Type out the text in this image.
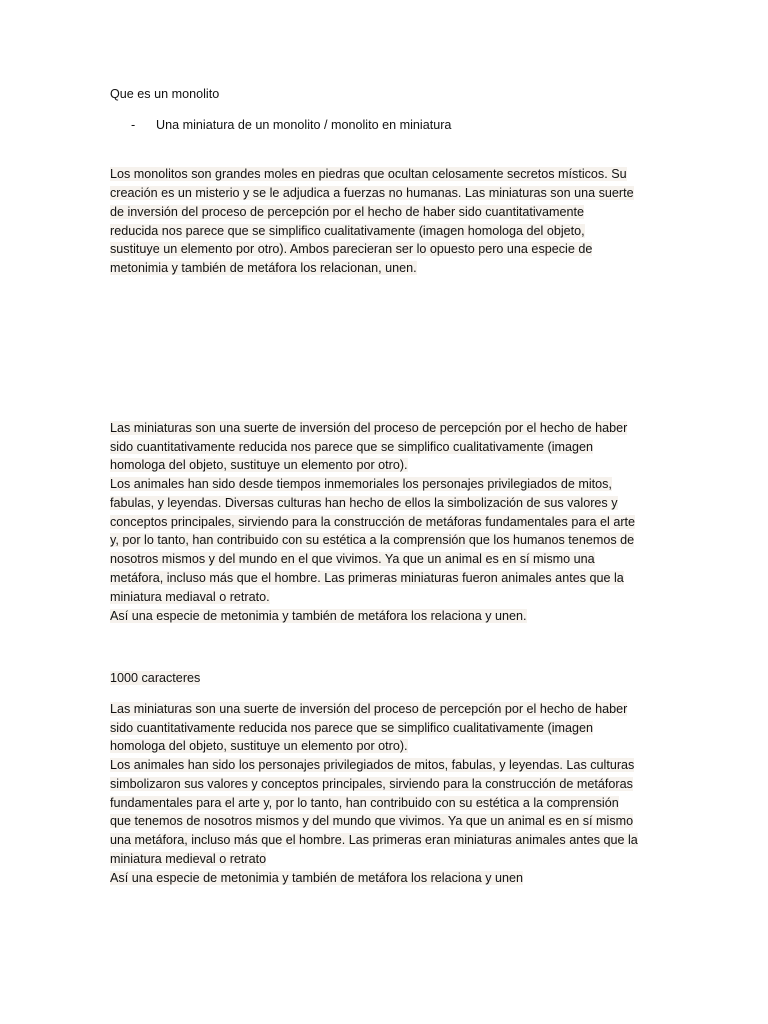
Que es un monolito
- Una miniatura de un monolito / monolito en miniatura
Los monolitos son grandes moles en piedras que ocultan celosamente secretos místicos. Su
creación es un misterio y se le adjudica a fuerzas no humanas. Las miniaturas son una suerte
de inversión del proceso de percepción por el hecho de haber sido cuantitativamente
reducida nos parece que se simplifico cualitativamente (imagen homologa del objeto,
sustituye un elemento por otro). Ambos parecieran ser lo opuesto pero una especie de
metonimia y también de metáfora los relacionan, unen.
Las miniaturas son una suerte de inversión del proceso de percepción por el hecho de haber
sido cuantitativamente reducida nos parece que se simplifico cualitativamente (imagen
homologa del objeto, sustituye un elemento por otro).
Los animales han sido desde tiempos inmemoriales los personajes privilegiados de mitos,
fabulas, y leyendas. Diversas culturas han hecho de ellos la simbolización de sus valores y
conceptos principales, sirviendo para la construcción de metáforas fundamentales para el arte
y, por lo tanto, han contribuido con su estética a la comprensión que los humanos tenemos de
nosotros mismos y del mundo en el que vivimos. Ya que un animal es en sí mismo una
metáfora, incluso más que el hombre. Las primeras miniaturas fueron animales antes que la
miniatura mediaval o retrato.
Así una especie de metonimia y también de metáfora los relaciona y unen.
1000 caracteres
Las miniaturas son una suerte de inversión del proceso de percepción por el hecho de haber
sido cuantitativamente reducida nos parece que se simplifico cualitativamente (imagen
homologa del objeto, sustituye un elemento por otro).
Los animales han sido los personajes privilegiados de mitos, fabulas, y leyendas. Las culturas
simbolizaron sus valores y conceptos principales, sirviendo para la construcción de metáforas
fundamentales para el arte y, por lo tanto, han contribuido con su estética a la comprensión
que tenemos de nosotros mismos y del mundo que vivimos. Ya que un animal es en sí mismo
una metáfora, incluso más que el hombre. Las primeras eran miniaturas animales antes que la
miniatura medieval o retrato
Así una especie de metonimia y también de metáfora los relaciona y unen
